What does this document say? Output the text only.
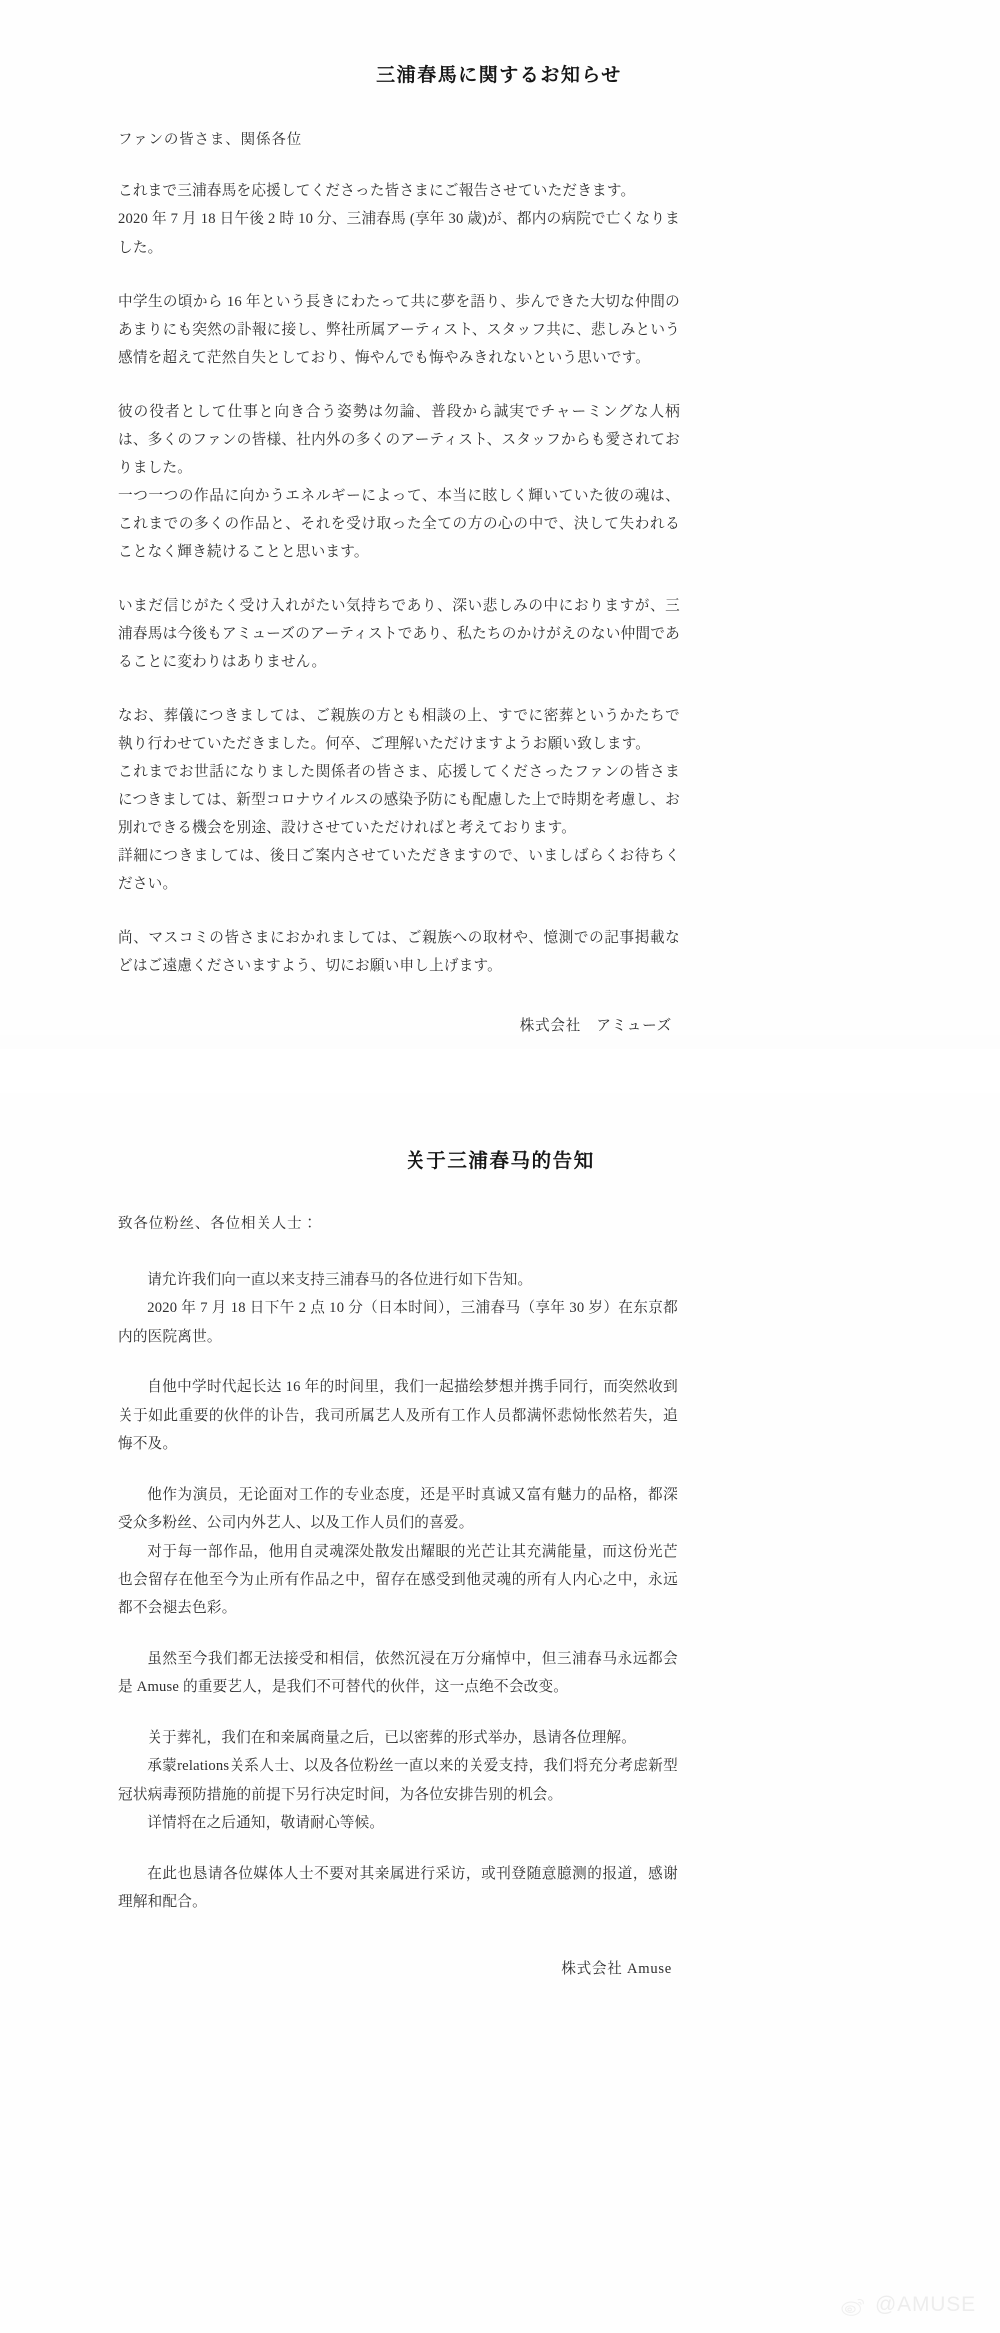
三浦春馬に関するお知らせ

ファンの皆さま、関係各位

これまで三浦春馬を応援してくださった皆さまにご報告させていただきます。

2020 年 7 月 18 日午後 2 時 10 分、三浦春馬 (享年 30 歳)が、都内の病院で亡くなりました。

中学生の頃から 16 年という長きにわたって共に夢を語り、歩んできた大切な仲間のあまりにも突然の訃報に接し、弊社所属アーティスト、スタッフ共に、悲しみという感情を超えて茫然自失としており、悔やんでも悔やみきれないという思いです。

彼の役者として仕事と向き合う姿勢は勿論、普段から誠実でチャーミングな人柄は、多くのファンの皆様、社内外の多くのアーティスト、スタッフからも愛されておりました。

一つ一つの作品に向かうエネルギーによって、本当に眩しく輝いていた彼の魂は、これまでの多くの作品と、それを受け取った全ての方の心の中で、決して失われることなく輝き続けることと思います。

いまだ信じがたく受け入れがたい気持ちであり、深い悲しみの中におりますが、三浦春馬は今後もアミューズのアーティストであり、私たちのかけがえのない仲間であることに変わりはありません。

なお、葬儀につきましては、ご親族の方とも相談の上、すでに密葬というかたちで執り行わせていただきました。何卒、ご理解いただけますようお願い致します。

これまでお世話になりました関係者の皆さま、応援してくださったファンの皆さまにつきましては、新型コロナウイルスの感染予防にも配慮した上で時期を考慮し、お別れできる機会を別途、設けさせていただければと考えております。

詳細につきましては、後日ご案内させていただきますので、いましばらくお待ちください。

尚、マスコミの皆さまにおかれましては、ご親族への取材や、憶測での記事掲載などはご遠慮くださいますよう、切にお願い申し上げます。

株式会社　アミューズ

关于三浦春马的告知

致各位粉丝、各位相关人士：

请允许我们向一直以来支持三浦春马的各位进行如下告知。

2020 年 7 月 18 日下午 2 点 10 分（日本时间），三浦春马（享年 30 岁）在东京都内的医院离世。

自他中学时代起长达 16 年的时间里，我们一起描绘梦想并携手同行，而突然收到关于如此重要的伙伴的讣告，我司所属艺人及所有工作人员都满怀悲恸怅然若失，追悔不及。

他作为演员，无论面对工作的专业态度，还是平时真诚又富有魅力的品格，都深受众多粉丝、公司内外艺人、以及工作人员们的喜爱。

对于每一部作品，他用自灵魂深处散发出耀眼的光芒让其充满能量，而这份光芒也会留存在他至今为止所有作品之中，留存在感受到他灵魂的所有人内心之中，永远都不会褪去色彩。

虽然至今我们都无法接受和相信，依然沉浸在万分痛悼中，但三浦春马永远都会是 Amuse 的重要艺人，是我们不可替代的伙伴，这一点绝不会改变。

关于葬礼，我们在和亲属商量之后，已以密葬的形式举办，恳请各位理解。

承蒙relations关系人士、以及各位粉丝一直以来的关爱支持，我们将充分考虑新型冠状病毒预防措施的前提下另行决定时间，为各位安排告别的机会。

详情将在之后通知，敬请耐心等候。

在此也恳请各位媒体人士不要对其亲属进行采访，或刊登随意臆测的报道，感谢理解和配合。

株式会社 Amuse

@AMUSE
